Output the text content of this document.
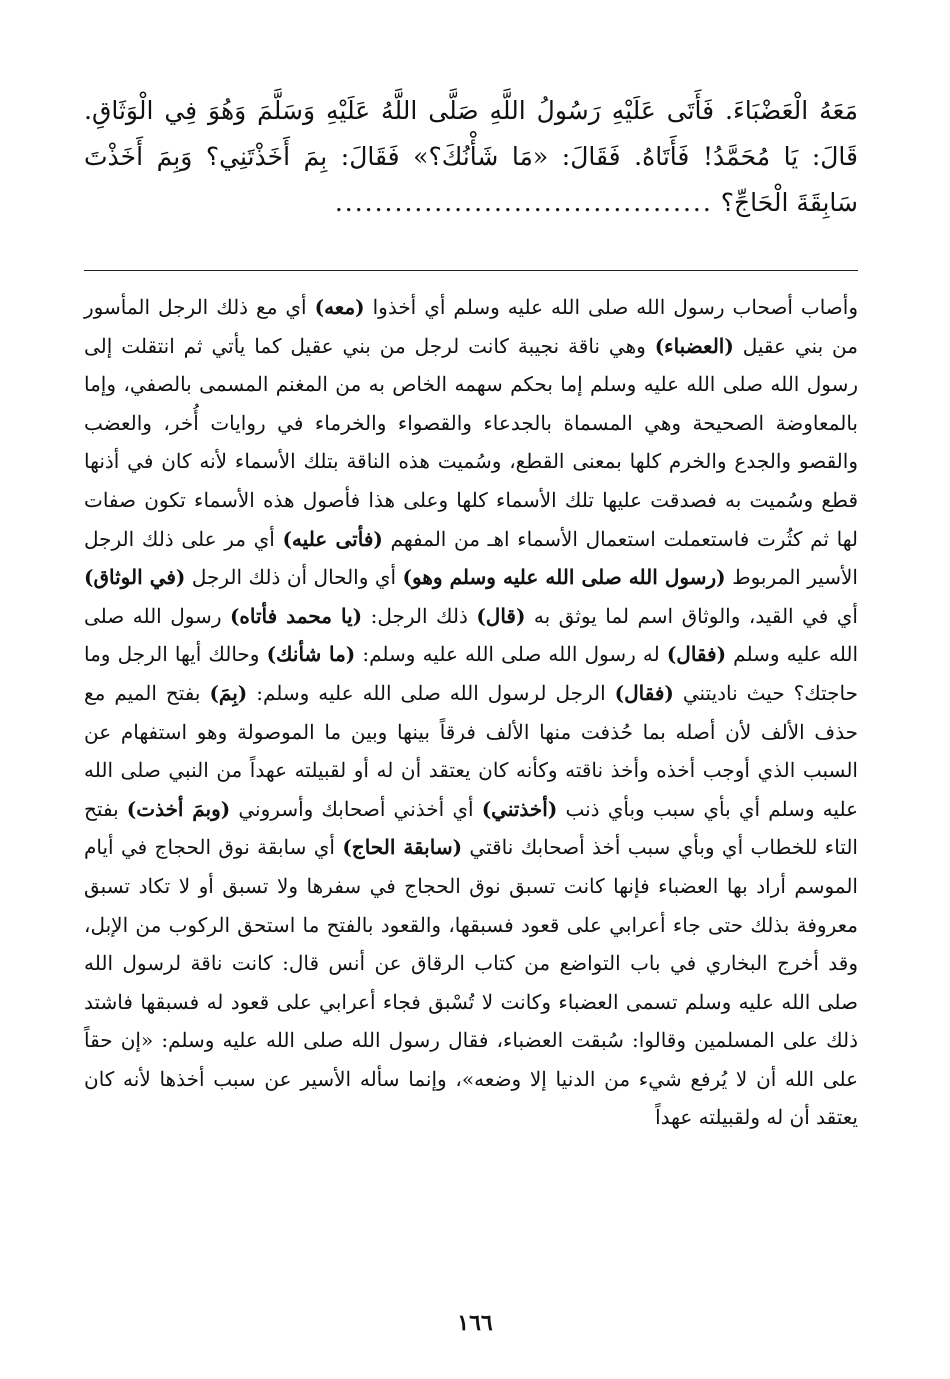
مَعَهُ الْعَضْبَاءَ. فَأَتَى عَلَيْهِ رَسُولُ اللَّهِ صَلَّى اللَّهُ عَلَيْهِ وَسَلَّمَ وَهُوَ فِي الْوَثَاقِ. قَالَ: يَا مُحَمَّدُ! فَأَتَاهُ. فَقَالَ: «مَا شَأْنُكَ؟» فَقَالَ: بِمَ أَخَذْتَنِي؟ وَبِمَ أَخَذْتَ سَابِقَةَ الْحَاجِّ؟ ......................................

وأصاب أصحاب رسول الله صلى الله عليه وسلم أي أخذوا (معه) أي مع ذلك الرجل المأسور من بني عقيل (العضباء) وهي ناقة نجيبة كانت لرجل من بني عقيل كما يأتي ثم انتقلت إلى رسول الله صلى الله عليه وسلم إما بحكم سهمه الخاص به من المغنم المسمى بالصفي، وإما بالمعاوضة الصحيحة وهي المسماة بالجدعاء والقصواء والخرماء في روايات أُخر، والعضب والقصو والجدع والخرم كلها بمعنى القطع، وسُميت هذه الناقة بتلك الأسماء لأنه كان في أذنها قطع وسُميت به فصدقت عليها تلك الأسماء كلها وعلى هذا فأصول هذه الأسماء تكون صفات لها ثم كثُرت فاستعملت استعمال الأسماء اهـ من المفهم (فأتى عليه) أي مر على ذلك الرجل الأسير المربوط (رسول الله صلى الله عليه وسلم وهو) أي والحال أن ذلك الرجل (في الوثاق) أي في القيد، والوثاق اسم لما يوثق به (قال) ذلك الرجل: (يا محمد فأتاه) رسول الله صلى الله عليه وسلم (فقال) له رسول الله صلى الله عليه وسلم: (ما شأنك) وحالك أيها الرجل وما حاجتك؟ حيث ناديتني (فقال) الرجل لرسول الله صلى الله عليه وسلم: (بِمَ) بفتح الميم مع حذف الألف لأن أصله بما حُذفت منها الألف فرقاً بينها وبين ما الموصولة وهو استفهام عن السبب الذي أوجب أخذه وأخذ ناقته وكأنه كان يعتقد أن له أو لقبيلته عهداً من النبي صلى الله عليه وسلم أي بأي سبب وبأي ذنب (أخذتني) أي أخذني أصحابك وأسروني (وبمَ أخذت) بفتح التاء للخطاب أي وبأي سبب أخذ أصحابك ناقتي (سابقة الحاج) أي سابقة نوق الحجاج في أيام الموسم أراد بها العضباء فإنها كانت تسبق نوق الحجاج في سفرها ولا تسبق أو لا تكاد تسبق معروفة بذلك حتى جاء أعرابي على قعود فسبقها، والقعود بالفتح ما استحق الركوب من الإبل، وقد أخرج البخاري في باب التواضع من كتاب الرقاق عن أنس قال: كانت ناقة لرسول الله صلى الله عليه وسلم تسمى العضباء وكانت لا تُسْبق فجاء أعرابي على قعود له فسبقها فاشتد ذلك على المسلمين وقالوا: سُبقت العضباء، فقال رسول الله صلى الله عليه وسلم: «إن حقاً على الله أن لا يُرفع شيء من الدنيا إلا وضعه»، وإنما سأله الأسير عن سبب أخذها لأنه كان يعتقد أن له ولقبيلته عهداً

١٦٦
